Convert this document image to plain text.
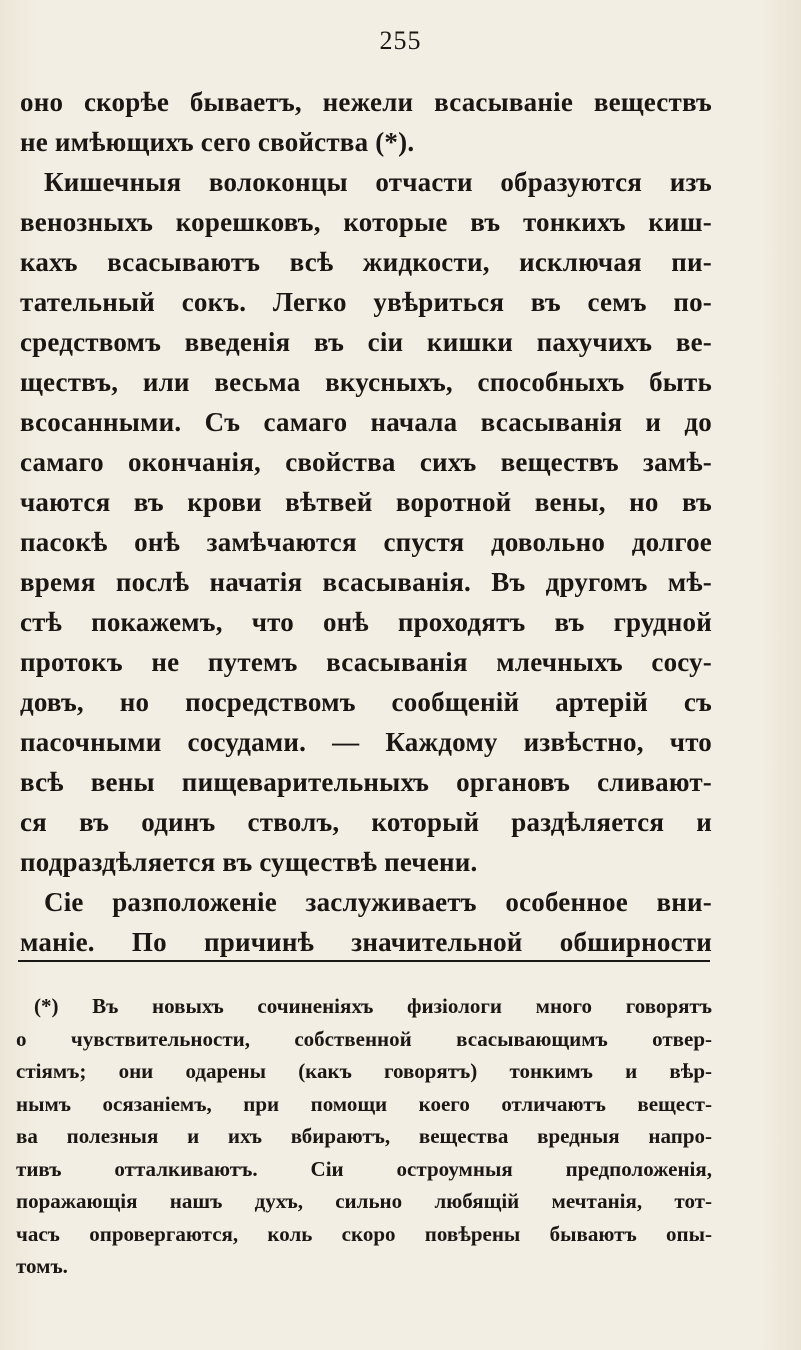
255
оно скорѣе бываетъ, нежели всасыванiе веществъ
не имѣющихъ сего свойства (*).
Кишечныя волоконцы отчасти образуются изъ
венозныхъ корешковъ, которые въ тонкихъ киш-
кахъ всасываютъ всѣ жидкости, исключая пи-
тательный сокъ. Легко увѣриться въ семъ по-
средствомъ введенiя въ сiи кишки пахучихъ ве-
ществъ, или весьма вкусныхъ, способныхъ быть
всосанными. Съ самаго начала всасыванiя и до
самаго окончанiя, свойства сихъ веществъ замѣ-
чаются въ крови вѣтвей воротной вены, но въ
пасокѣ онѣ замѣчаются спустя довольно долгое
время послѣ начатiя всасыванiя. Въ другомъ мѣ-
стѣ покажемъ, что онѣ проходятъ въ грудной
протокъ не путемъ всасыванiя млечныхъ сосу-
довъ, но посредствомъ сообщенiй артерiй съ
пасочными сосудами. — Каждому извѣстно, что
всѣ вены пищеварительныхъ органовъ сливают-
ся въ одинъ стволъ, который раздѣляется и
подраздѣляется въ существѣ печени.
Сiе разположенiе заслуживаетъ особенное вни-
манiе. По причинѣ значительной обширности
(*) Въ новыхъ сочиненiяхъ физiологи много говорятъ
о чувствительности, собственной всасывающимъ отвер-
стiямъ; они одарены (какъ говорятъ) тонкимъ и вѣр-
нымъ осязанiемъ, при помощи коего отличаютъ вещест-
ва полезныя и ихъ вбираютъ, вещества вредныя напро-
тивъ отталкиваютъ. Сiи остроумныя предположенiя,
поражающiя нашъ духъ, сильно любящiй мечтанiя, тот-
часъ опровергаются, коль скоро повѣрены бываютъ опы-
томъ.
